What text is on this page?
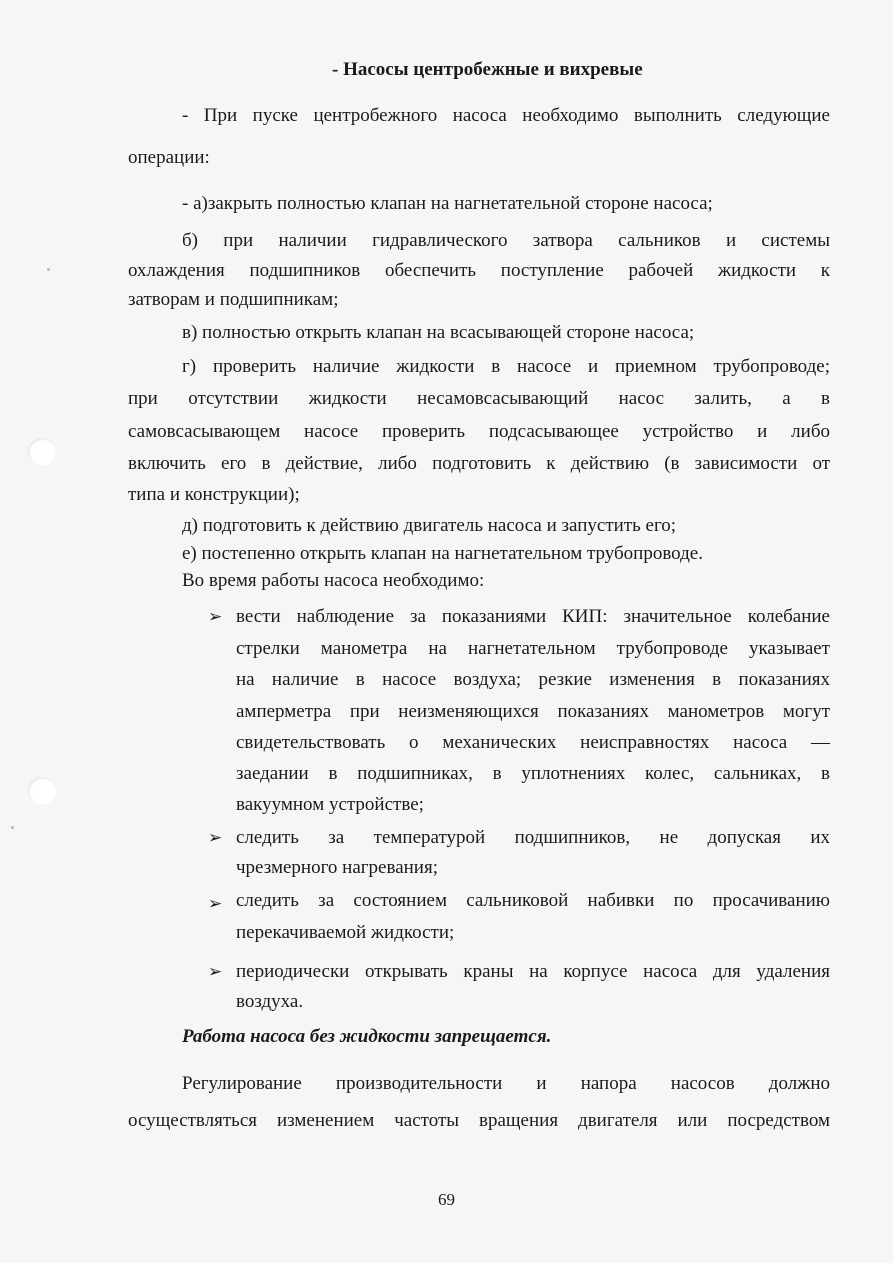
- Насосы центробежные и вихревые
- При пуске центробежного насоса необходимо выполнить следующие
операции:
- а)закрыть полностью клапан на нагнетательной стороне насоса;
б) при наличии гидравлического затвора сальников и системы
охлаждения подшипников обеспечить поступление рабочей жидкости к
затворам и подшипникам;
в) полностью открыть клапан на всасывающей стороне насоса;
г) проверить наличие жидкости в насосе и приемном трубопроводе;
при отсутствии жидкости несамовсасывающий насос залить, а в
самовсасывающем насосе проверить подсасывающее устройство и либо
включить его в действие, либо подготовить к действию (в зависимости от
типа и конструкции);
д) подготовить к действию двигатель насоса и запустить его;
е) постепенно открыть клапан на нагнетательном трубопроводе.
Во время работы насоса необходимо:
➢ вести наблюдение за показаниями КИП: значительное колебание
стрелки манометра на нагнетательном трубопроводе указывает
на наличие в насосе воздуха; резкие изменения в показаниях
амперметра при неизменяющихся показаниях манометров могут
свидетельствовать о механических неисправностях насоса —
заедании в подшипниках, в уплотнениях колес, сальниках, в
вакуумном устройстве;
➢ следить за температурой подшипников, не допуская их
чрезмерного нагревания;
➢ следить за состоянием сальниковой набивки по просачиванию
перекачиваемой жидкости;
➢ периодически открывать краны на корпусе насоса для удаления
воздуха.
Работа насоса без жидкости запрещается.
Регулирование производительности и напора насосов должно
осуществляться изменением частоты вращения двигателя или посредством
69
